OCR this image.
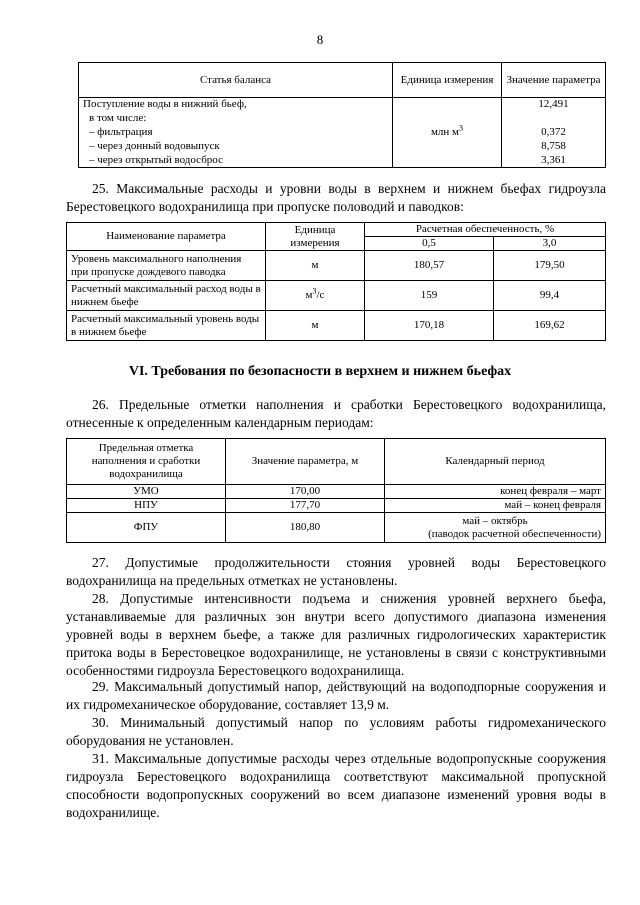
8
Статья баланса	Единица измерения	Значение параметра
Поступление воды в нижний бьеф,	млн $м^3$	12,491
в том числе:		
– фильтрация		0,372
– через донный водовыпуск		8,758
– через открытый водосброс		3,361

25. Максимальные расходы и уровни воды в верхнем и нижнем бьефах гидроузла Берестовецкого водохранилища при пропуске половодий и паводков:

Наименование параметра	Единица измерения	Расчетная обеспеченность, %	
		0,5	3,0
Уровень максимального наполнения при пропуске дождевого паводка	м	180,57	179,50
Расчетный максимальный расход воды в нижнем бьефе	$м^3/с$	159	99,4
Расчетный максимальный уровень воды в нижнем бьефе	м	170,18	169,62
VI. Требования по безопасности в верхнем и нижнем бьефах

26. Предельные отметки наполнения и сработки Берестовецкого водохранилища, отнесенные к определенным календарным периодам:

Предельная отметка наполнения и сработки водохранилища	Значение параметра, м	Календарный период
УМО	170,00	конец февраля – март
НПУ	177,70	май – конец февраля
ФПУ	180,80	май – октябрь
(паводок расчетной обеспеченности)

27. Допустимые продолжительности стояния уровней воды Берестовецкого водохранилища на предельных отметках не установлены.

28. Допустимые интенсивности подъема и снижения уровней верхнего бьефа, устанавливаемые для различных зон внутри всего допустимого диапазона изменения уровней воды в верхнем бьефе, а также для различных гидрологических характеристик притока воды в Берестовецкое водохранилище, не установлены в связи с конструктивными особенностями гидроузла Берестовецкого водохранилища.

29. Максимальный допустимый напор, действующий на водоподпорные сооружения и их гидромеханическое оборудование, составляет 13,9 м.

30. Минимальный допустимый напор по условиям работы гидромеханического оборудования не установлен.

31. Максимальные допустимые расходы через отдельные водопропускные сооружения гидроузла Берестовецкого водохранилища соответствуют максимальной пропускной способности водопропускных сооружений во всем диапазоне изменений уровня воды в водохранилище.
